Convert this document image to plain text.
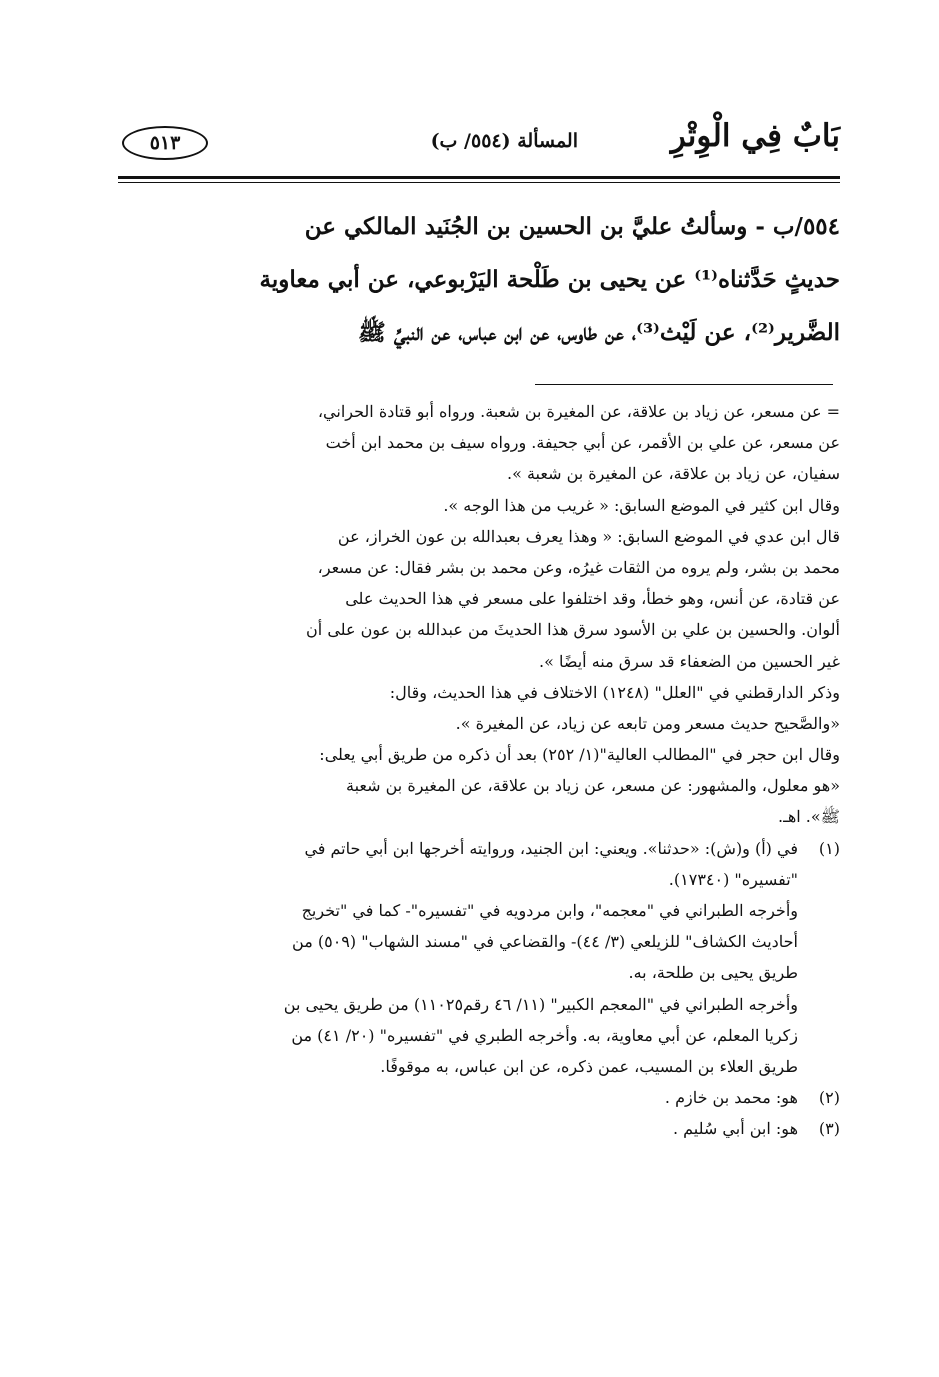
بَابٌ فِي الْوِتْرِ
المسألة (٥٥٤/ ب)
٥١٣
٥٥٤/ب - وسألتُ عليَّ بن الحسين بن الجُنَيد المالكي عن
حديثٍ حَدَّثناه⁽¹⁾ عن يحيى بن طَلْحة اليَرْبوعي، عن أبي معاوية
الضَّرير⁽²⁾، عن لَيْث⁽³⁾، عن طاوس، عن ابن عباس، عن النبيِّ ﷺ
= عن مسعر، عن زياد بن علاقة، عن المغيرة بن شعبة. ورواه أبو قتادة الحراني،
عن مسعر، عن علي بن الأقمر، عن أبي جحيفة. ورواه سيف بن محمد ابن أخت
سفيان، عن زياد بن علاقة، عن المغيرة بن شعبة ».
وقال ابن كثير في الموضع السابق: « غريب من هذا الوجه ».
قال ابن عدي في الموضع السابق: « وهذا يعرف بعبدالله بن عون الخراز، عن
محمد بن بشر، ولم يروه من الثقات غيرُه، وعن محمد بن بشر فقال: عن مسعر،
عن قتادة، عن أنس، وهو خطأ، وقد اختلفوا على مسعر في هذا الحديث على
ألوان. والحسين بن علي بن الأسود سرق هذا الحديثَ من عبدالله بن عون على أن
غير الحسين من الضعفاء قد سرق منه أيضًا ».
وذكر الدارقطني في "العلل" (١٢٤٨) الاختلاف في هذا الحديث، وقال:
«والصَّحيح حديث مسعر ومن تابعه عن زياد، عن المغيرة ».
وقال ابن حجر في "المطالب العالية"(١/ ٢٥٢) بعد أن ذكره من طريق أبي يعلى:
«هو معلول، والمشهور: عن مسعر، عن زياد بن علاقة، عن المغيرة بن شعبة
ﷺ». اهـ.
(١)في (أ) و(ش): «حدثنا». ويعني: ابن الجنيد، وروايته أخرجها ابن أبي حاتم في
"تفسيره" (١٧٣٤٠).
وأخرجه الطبراني في "معجمه"، وابن مردويه في "تفسيره"- كما في "تخريج
أحاديث الكشاف" للزيلعي (٣/ ٤٤)- والقضاعي في "مسند الشهاب" (٥٠٩) من
طريق يحيى بن طلحة، به.
وأخرجه الطبراني في "المعجم الكبير" (١١/ ٤٦ رقم١١٠٢٥) من طريق يحيى بن
زكريا المعلم، عن أبي معاوية، به. وأخرجه الطبري في "تفسيره" (٢٠/ ٤١) من
طريق العلاء بن المسيب، عمن ذكره، عن ابن عباس، به موقوفًا.
(٢)هو: محمد بن خازم .
(٣)هو: ابن أبي سُليم .
